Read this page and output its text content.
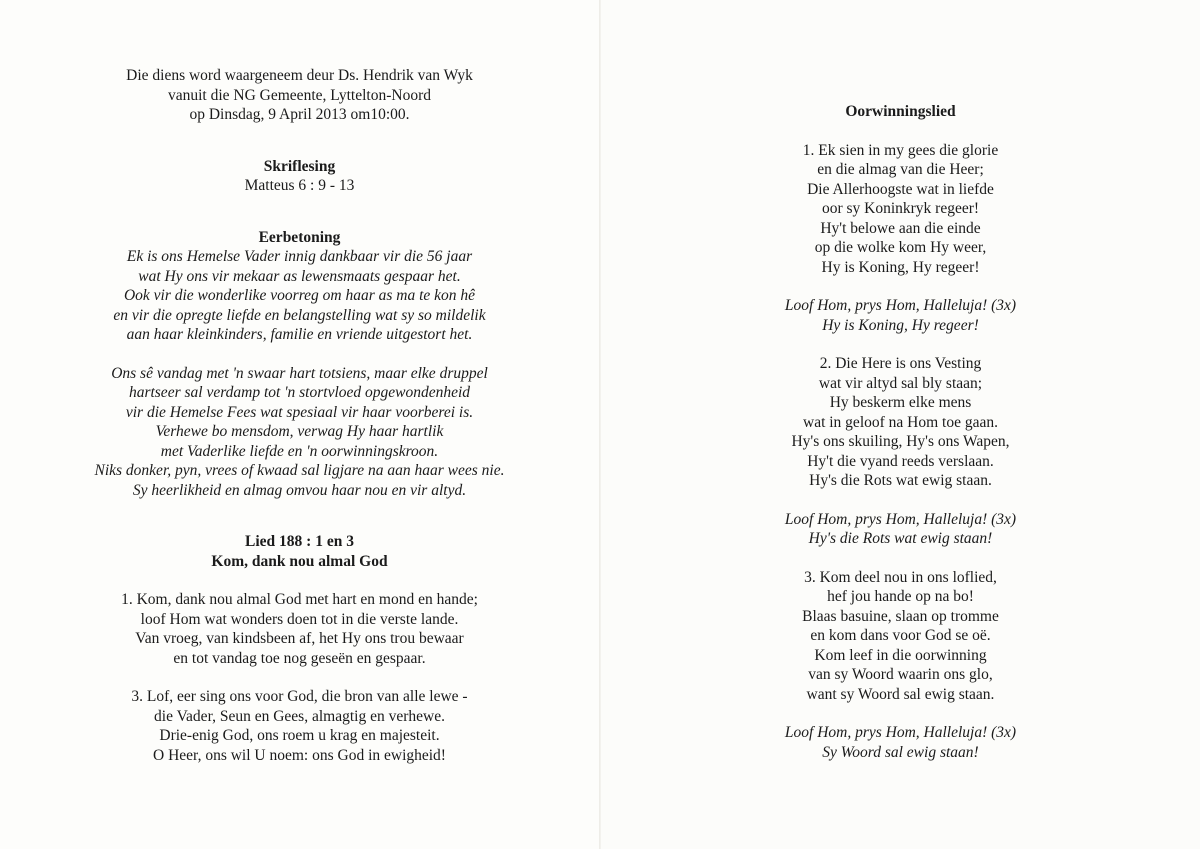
Die diens word waargeneem deur Ds. Hendrik van Wyk
vanuit die NG Gemeente, Lyttelton-Noord
op Dinsdag, 9 April 2013 om10:00.
Skriflesing
Matteus 6 : 9 - 13
Eerbetoning
Ek is ons Hemelse Vader innig dankbaar vir die 56 jaar
wat Hy ons vir mekaar as lewensmaats gespaar het.
Ook vir die wonderlike voorreg om haar as ma te kon hê
en vir die opregte liefde en belangstelling wat sy so mildelik
aan haar kleinkinders, familie en vriende uitgestort het.
Ons sê vandag met 'n swaar hart totsiens, maar elke druppel
hartseer sal verdamp tot 'n stortvloed opgewondenheid
vir die Hemelse Fees wat spesiaal vir haar voorberei is.
Verhewe bo mensdom, verwag Hy haar hartlik
met Vaderlike liefde en 'n oorwinningskroon.
Niks donker, pyn, vrees of kwaad sal ligjare na aan haar wees nie.
Sy heerlikheid en almag omvou haar nou en vir altyd.
Lied 188 : 1 en 3
Kom, dank nou almal God
1. Kom, dank nou almal God met hart en mond en hande;
loof Hom wat wonders doen tot in die verste lande.
Van vroeg, van kindsbeen af, het Hy ons trou bewaar
en tot vandag toe nog geseën en gespaar.
3. Lof, eer sing ons voor God, die bron van alle lewe -
die Vader, Seun en Gees, almagtig en verhewe.
Drie-enig God, ons roem u krag en majesteit.
O Heer, ons wil U noem: ons God in ewigheid!
Oorwinningslied
1. Ek sien in my gees die glorie
en die almag van die Heer;
Die Allerhoogste wat in liefde
oor sy Koninkryk regeer!
Hy't belowe aan die einde
op die wolke kom Hy weer,
Hy is Koning, Hy regeer!
Loof Hom, prys Hom, Halleluja! (3x)
Hy is Koning, Hy regeer!
2. Die Here is ons Vesting
wat vir altyd sal bly staan;
Hy beskerm elke mens
wat in geloof na Hom toe gaan.
Hy's ons skuiling, Hy's ons Wapen,
Hy't die vyand reeds verslaan.
Hy's die Rots wat ewig staan.
Loof Hom, prys Hom, Halleluja! (3x)
Hy's die Rots wat ewig staan!
3. Kom deel nou in ons loflied,
hef jou hande op na bo!
Blaas basuine, slaan op tromme
en kom dans voor God se oë.
Kom leef in die oorwinning
van sy Woord waarin ons glo,
want sy Woord sal ewig staan.
Loof Hom, prys Hom, Halleluja! (3x)
Sy Woord sal ewig staan!
